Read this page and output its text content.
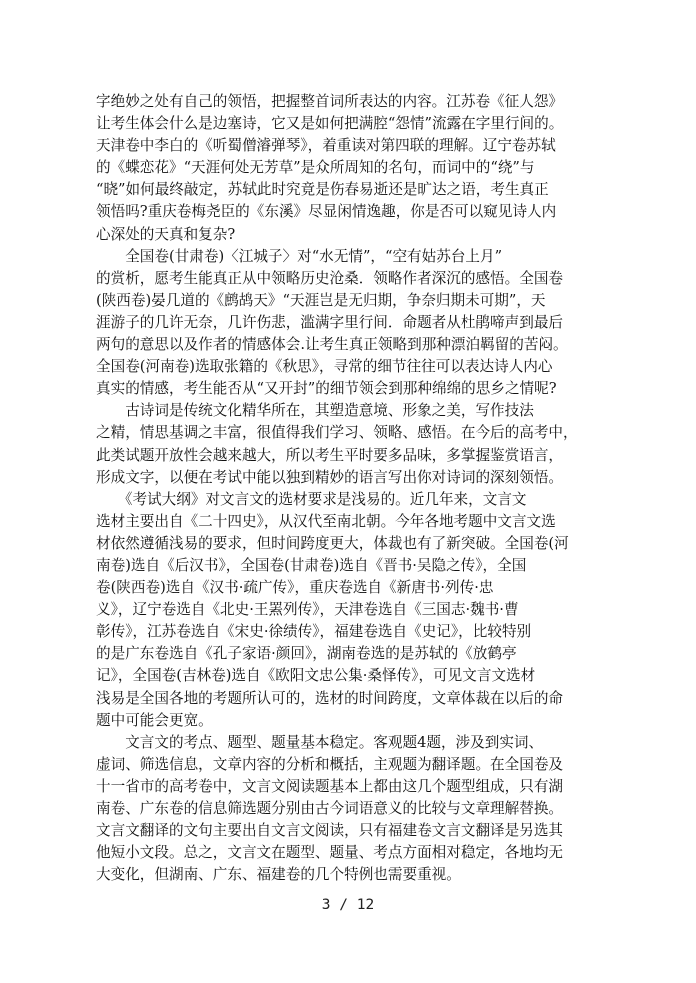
字绝妙之处有自己的领悟，把握整首词所表达的内容。江苏卷《征人怨》
让考生体会什么是边塞诗，它又是如何把满腔“怨情”流露在字里行间的。
天津卷中李白的《听蜀僧濬弹琴》，着重读对第四联的理解。辽宁卷苏轼
的《蝶恋花》“天涯何处无芳草”是众所周知的名句，而词中的“绕”与
“晓”如何最终敲定，苏轼此时究竟是伤春易逝还是旷达之语，考生真正
领悟吗?重庆卷梅尧臣的《东溪》尽显闲情逸趣，你是否可以窥见诗人内
心深处的天真和复杂?
　　全国卷(甘肃卷)〈江城子〉对“水无情”，“空有姑苏台上月”
的赏析，愿考生能真正从中领略历史沧桑．领略作者深沉的感悟。全国卷
(陕西卷)晏几道的《鹧鸪天》“天涯岂是无归期，争奈归期未可期”，天
涯游子的几许无奈，几许伤悲，滥满字里行间．命题者从杜鹃啼声到最后
两句的意思以及作者的情感体会.让考生真正领略到那种漂泊羁留的苦闷。
全国卷(河南卷)选取张籍的《秋思》，寻常的细节往往可以表达诗人内心
真实的情感，考生能否从“又开封”的细节领会到那种绵绵的思乡之情呢?
　　古诗词是传统文化精华所在，其塑造意境、形象之美，写作技法
之精，情思基调之丰富，很值得我们学习、领略、感悟。在今后的高考中，
此类试题开放性会越来越大，所以考生平时要多品味，多掌握鉴赏语言，
形成文字，以便在考试中能以独到精妙的语言写出你对诗词的深刻领悟。
　　《考试大纲》对文言文的选材要求是浅易的。近几年来，文言文
选材主要出自《二十四史》，从汉代至南北朝。今年各地考题中文言文选
材依然遵循浅易的要求，但时间跨度更大，体裁也有了新突破。全国卷(河
南卷)选自《后汉书》，全国卷(甘肃卷)选自《晋书·吴隐之传》，全国
卷(陕西卷)选自《汉书·疏广传》，重庆卷选自《新唐书·列传·忠
义》，辽宁卷选自《北史·王罴列传》，天津卷选自《三国志·魏书·曹
彰传》，江苏卷选自《宋史·徐绩传》，福建卷选自《史记》，比较特别
的是广东卷选自《孔子家语·颜回》，湖南卷选的是苏轼的《放鹤亭
记》，全国卷(吉林卷)选自《欧阳文忠公集·桑怿传》，可见文言文选材
浅易是全国各地的考题所认可的，选材的时间跨度，文章体裁在以后的命
题中可能会更宽。
　　文言文的考点、题型、题量基本稳定。客观题4题，涉及到实词、
虚词、筛选信息，文章内容的分析和概括，主观题为翻译题。在全国卷及
十一省市的高考卷中，文言文阅读题基本上都由这几个题型组成，只有湖
南卷、广东卷的信息筛选题分别由古今词语意义的比较与文章理解替换。
文言文翻译的文句主要出自文言文阅读，只有福建卷文言文翻译是另选其
他短小文段。总之，文言文在题型、题量、考点方面相对稳定，各地均无
大变化，但湖南、广东、福建卷的几个特例也需要重视。
3 / 12
